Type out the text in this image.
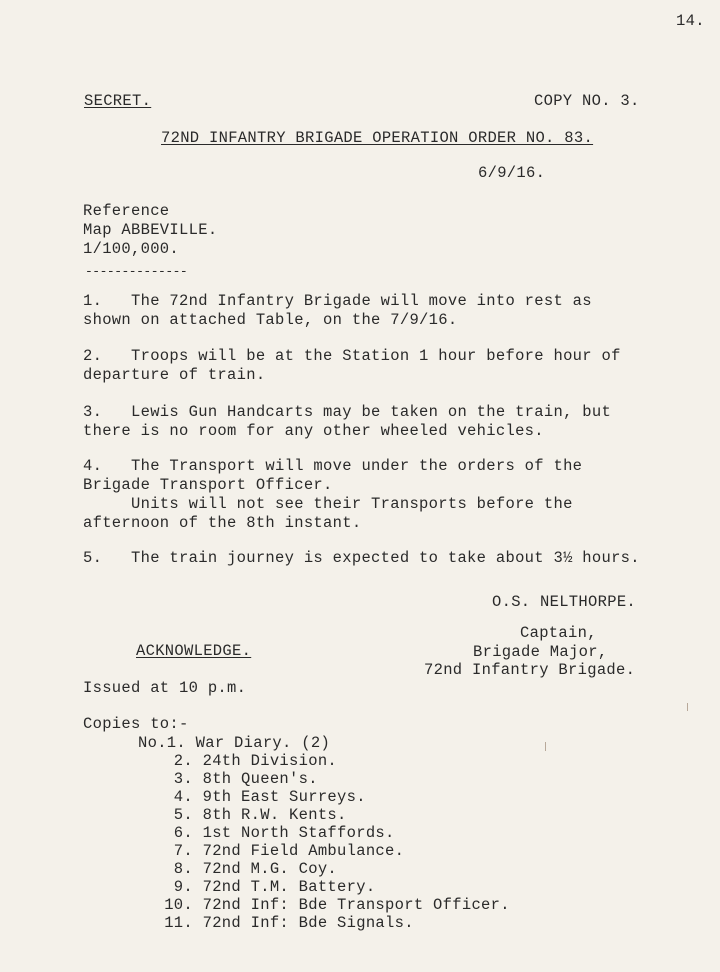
14.
SECRET.	COPY NO. 3.
72ND INFANTRY BRIGADE OPERATION ORDER NO. 83.
6/9/16.
Reference
Map ABBEVILLE.
1/100,000.
--------------
1.   The 72nd Infantry Brigade will move into rest as
shown on attached Table, on the 7/9/16.
2.   Troops will be at the Station 1 hour before hour of
departure of train.
3.   Lewis Gun Handcarts may be taken on the train, but
there is no room for any other wheeled vehicles.
4.   The Transport will move under the orders of the
Brigade Transport Officer.
Units will not see their Transports before the
afternoon of the 8th instant.
5.   The train journey is expected to take about 3½ hours.
O.S. NELTHORPE.
Captain,
Brigade Major,
72nd Infantry Brigade.
ACKNOWLEDGE.
Issued at 10 p.m.
Copies to:-
No.1. War Diary. (2)
2. 24th Division.
3. 8th Queen's.
4. 9th East Surreys.
5. 8th R.W. Kents.
6. 1st North Staffords.
7. 72nd Field Ambulance.
8. 72nd M.G. Coy.
9. 72nd T.M. Battery.
10. 72nd Inf: Bde Transport Officer.
11. 72nd Inf: Bde Signals.
